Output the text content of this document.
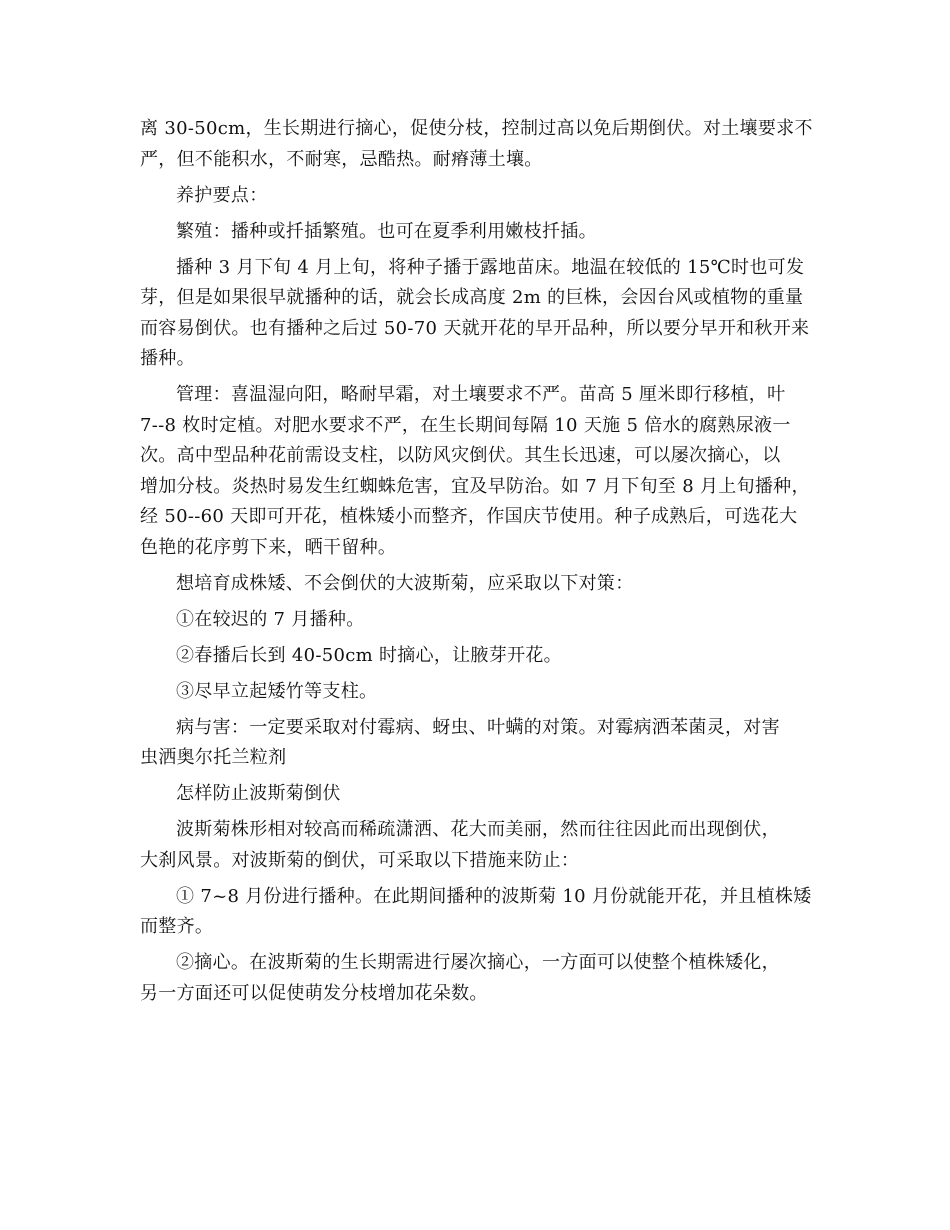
离 30-50cm，生长期进行摘心，促使分枝，控制过高以免后期倒伏。对土壤要求不
严，但不能积水，不耐寒，忌酷热。耐瘠薄土壤。
养护要点：
繁殖：播种或扦插繁殖。也可在夏季利用嫩枝扦插。
播种 3 月下旬 4 月上旬，将种子播于露地苗床。地温在较低的 15℃时也可发
芽，但是如果很早就播种的话，就会长成高度 2m 的巨株，会因台风或植物的重量
而容易倒伏。也有播种之后过 50-70 天就开花的早开品种，所以要分早开和秋开来
播种。
管理：喜温湿向阳，略耐早霜，对土壤要求不严。苗高 5 厘米即行移植，叶
7--8 枚时定植。对肥水要求不严，在生长期间每隔 10 天施 5 倍水的腐熟尿液一
次。高中型品种花前需设支柱，以防风灾倒伏。其生长迅速，可以屡次摘心，以
增加分枝。炎热时易发生红蜘蛛危害，宜及早防治。如 7 月下旬至 8 月上旬播种，
经 50--60 天即可开花，植株矮小而整齐，作国庆节使用。种子成熟后，可选花大
色艳的花序剪下来，晒干留种。
想培育成株矮、不会倒伏的大波斯菊，应采取以下对策：
①在较迟的 7 月播种。
②春播后长到 40-50cm 时摘心，让腋芽开花。
③尽早立起矮竹等支柱。
病与害：一定要采取对付霉病、蚜虫、叶螨的对策。对霉病洒苯菌灵，对害
虫洒奥尔托兰粒剂
怎样防止波斯菊倒伏
波斯菊株形相对较高而稀疏潇洒、花大而美丽，然而往往因此而出现倒伏，
大刹风景。对波斯菊的倒伏，可采取以下措施来防止：
① 7~8 月份进行播种。在此期间播种的波斯菊 10 月份就能开花，并且植株矮
而整齐。
②摘心。在波斯菊的生长期需进行屡次摘心，一方面可以使整个植株矮化，
另一方面还可以促使萌发分枝增加花朵数。
